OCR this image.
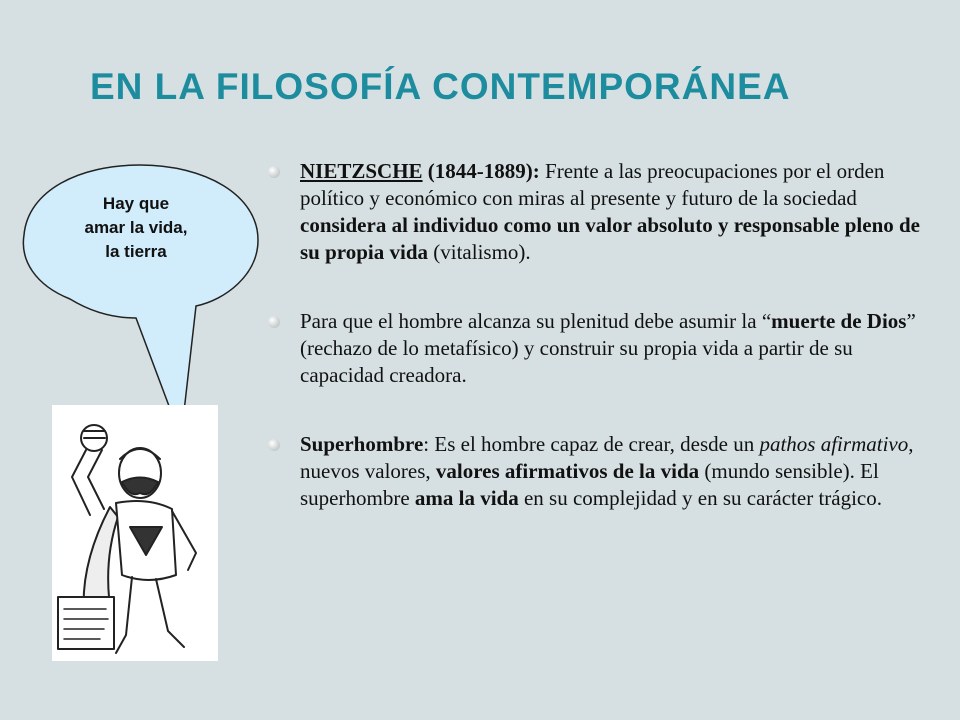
EN LA FILOSOFÍA CONTEMPORÁNEA
Hay que
amar la vida,
la tierra
NIETZSCHE (1844-1889): Frente a las preocupaciones por el orden político y económico con miras al presente y futuro de la sociedad considera al individuo como un valor absoluto y responsable pleno de su propia vida (vitalismo).
Para que el hombre alcanza su plenitud debe asumir la “muerte de Dios” (rechazo de lo metafísico) y construir su propia vida a partir de su capacidad creadora.
Superhombre: Es el hombre capaz de crear, desde un pathos afirmativo, nuevos valores, valores afirmativos de la vida (mundo sensible). El superhombre ama la vida en su complejidad y en su carácter trágico.
